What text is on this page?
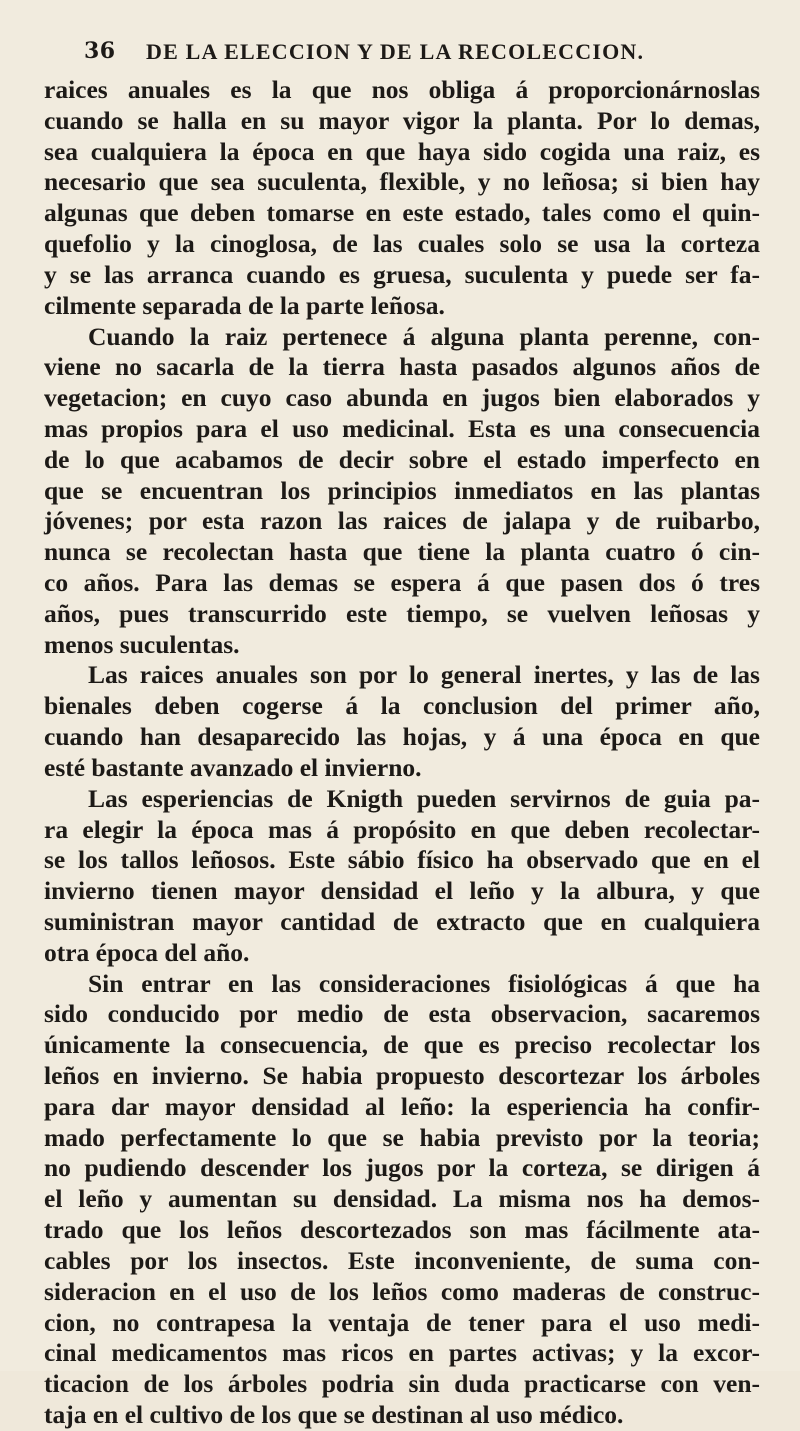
36 DE LA ELECCION Y DE LA RECOLECCION.
raices anuales es la que nos obliga á proporcionárnoslas
cuando se halla en su mayor vigor la planta. Por lo demas,
sea cualquiera la época en que haya sido cogida una raiz, es
necesario que sea suculenta, flexible, y no leñosa; si bien hay
algunas que deben tomarse en este estado, tales como el quin-
quefolio y la cinoglosa, de las cuales solo se usa la corteza
y se las arranca cuando es gruesa, suculenta y puede ser fa-
cilmente separada de la parte leñosa.
Cuando la raiz pertenece á alguna planta perenne, con-
viene no sacarla de la tierra hasta pasados algunos años de
vegetacion; en cuyo caso abunda en jugos bien elaborados y
mas propios para el uso medicinal. Esta es una consecuencia
de lo que acabamos de decir sobre el estado imperfecto en
que se encuentran los principios inmediatos en las plantas
jóvenes; por esta razon las raices de jalapa y de ruibarbo,
nunca se recolectan hasta que tiene la planta cuatro ó cin-
co años. Para las demas se espera á que pasen dos ó tres
años, pues transcurrido este tiempo, se vuelven leñosas y
menos suculentas.
Las raices anuales son por lo general inertes, y las de las
bienales deben cogerse á la conclusion del primer año,
cuando han desaparecido las hojas, y á una época en que
esté bastante avanzado el invierno.
Las esperiencias de Knigth pueden servirnos de guia pa-
ra elegir la época mas á propósito en que deben recolectar-
se los tallos leñosos. Este sábio físico ha observado que en el
invierno tienen mayor densidad el leño y la albura, y que
suministran mayor cantidad de extracto que en cualquiera
otra época del año.
Sin entrar en las consideraciones fisiológicas á que ha
sido conducido por medio de esta observacion, sacaremos
únicamente la consecuencia, de que es preciso recolectar los
leños en invierno. Se habia propuesto descortezar los árboles
para dar mayor densidad al leño: la esperiencia ha confir-
mado perfectamente lo que se habia previsto por la teoria;
no pudiendo descender los jugos por la corteza, se dirigen á
el leño y aumentan su densidad. La misma nos ha demos-
trado que los leños descortezados son mas fácilmente ata-
cables por los insectos. Este inconveniente, de suma con-
sideracion en el uso de los leños como maderas de construc-
cion, no contrapesa la ventaja de tener para el uso medi-
cinal medicamentos mas ricos en partes activas; y la excor-
ticacion de los árboles podria sin duda practicarse con ven-
taja en el cultivo de los que se destinan al uso médico.
